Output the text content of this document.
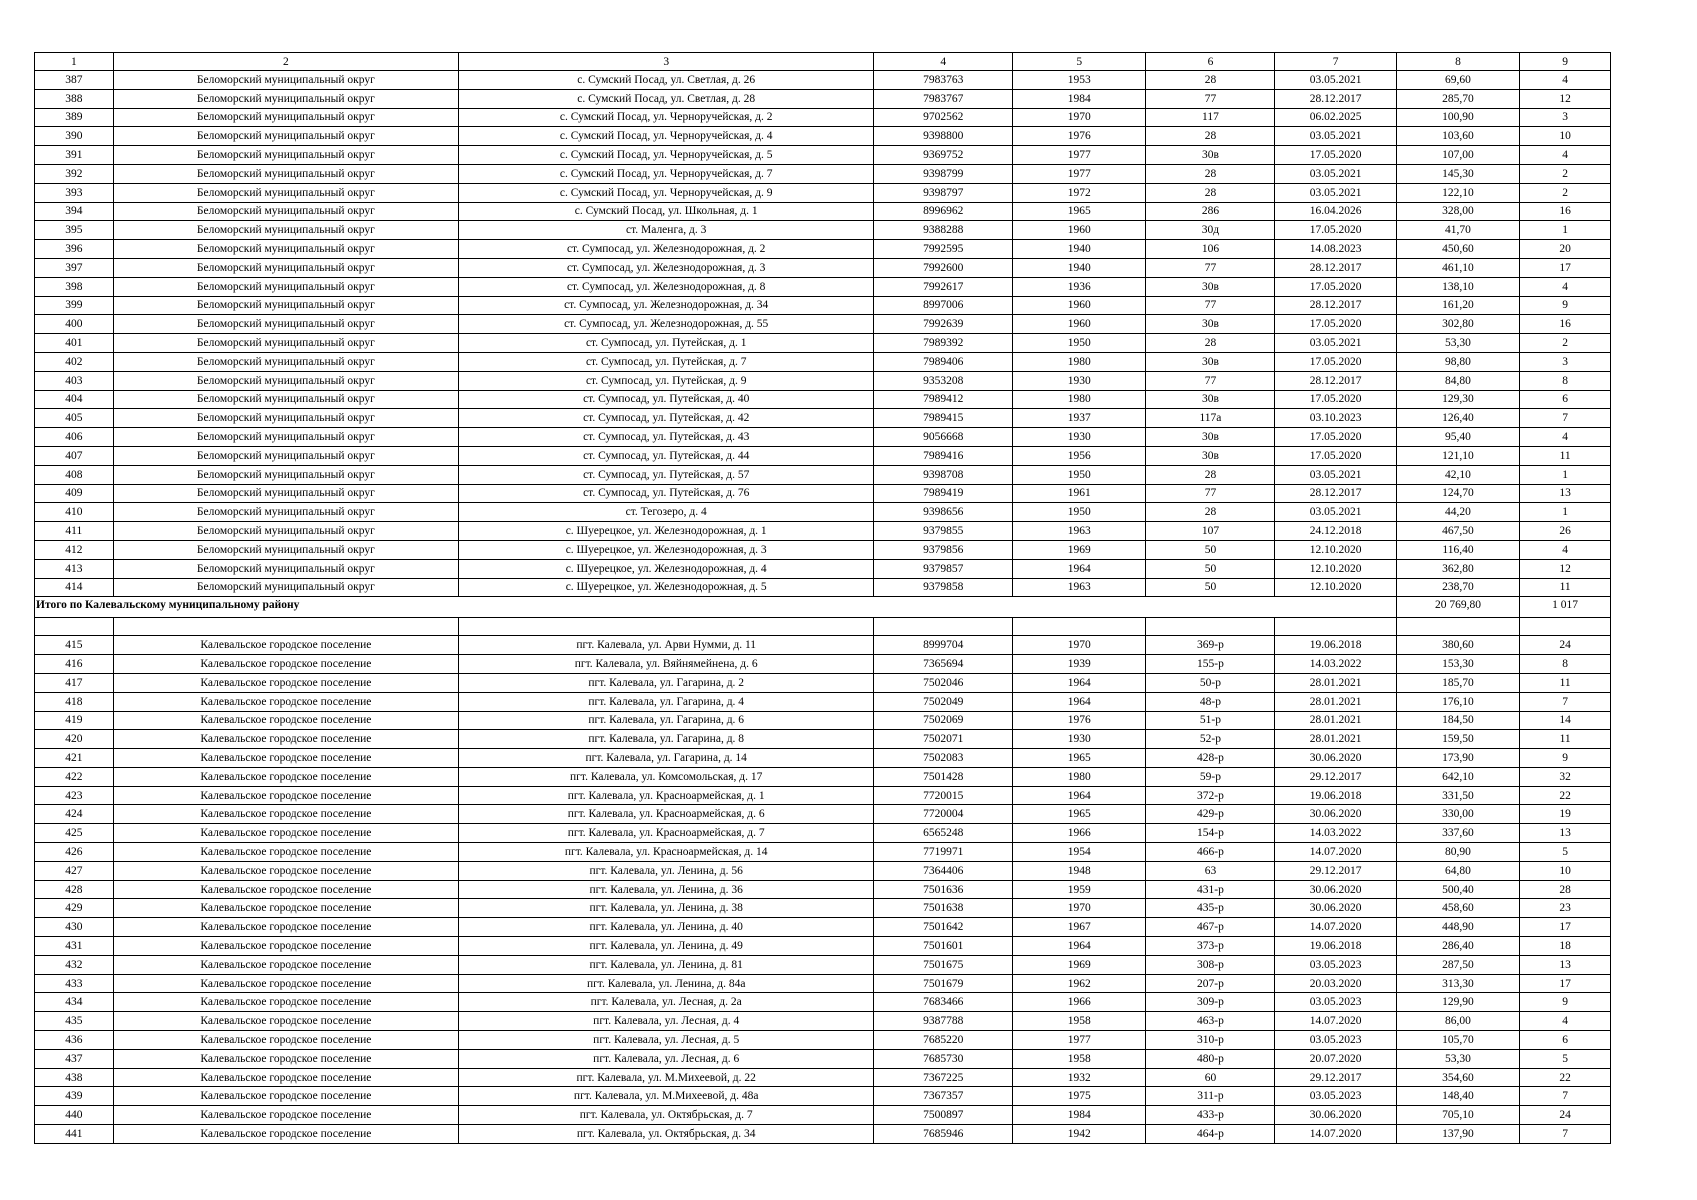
1	2	3	4	5	6	7	8	9
387	Беломорский муниципальный округ	с. Сумский Посад, ул. Светлая, д. 26	7983763	1953	28	03.05.2021	69,60	4
388	Беломорский муниципальный округ	с. Сумский Посад, ул. Светлая, д. 28	7983767	1984	77	28.12.2017	285,70	12
389	Беломорский муниципальный округ	с. Сумский Посад, ул. Черноручейская, д. 2	9702562	1970	117	06.02.2025	100,90	3
390	Беломорский муниципальный округ	с. Сумский Посад, ул. Черноручейская, д. 4	9398800	1976	28	03.05.2021	103,60	10
391	Беломорский муниципальный округ	с. Сумский Посад, ул. Черноручейская, д. 5	9369752	1977	30в	17.05.2020	107,00	4
392	Беломорский муниципальный округ	с. Сумский Посад, ул. Черноручейская, д. 7	9398799	1977	28	03.05.2021	145,30	2
393	Беломорский муниципальный округ	с. Сумский Посад, ул. Черноручейская, д. 9	9398797	1972	28	03.05.2021	122,10	2
394	Беломорский муниципальный округ	с. Сумский Посад, ул. Школьная, д. 1	8996962	1965	286	16.04.2026	328,00	16
395	Беломорский муниципальный округ	ст. Маленга, д. 3	9388288	1960	30д	17.05.2020	41,70	1
396	Беломорский муниципальный округ	ст. Сумпосад, ул. Железнодорожная, д. 2	7992595	1940	106	14.08.2023	450,60	20
397	Беломорский муниципальный округ	ст. Сумпосад, ул. Железнодорожная, д. 3	7992600	1940	77	28.12.2017	461,10	17
398	Беломорский муниципальный округ	ст. Сумпосад, ул. Железнодорожная, д. 8	7992617	1936	30в	17.05.2020	138,10	4
399	Беломорский муниципальный округ	ст. Сумпосад, ул. Железнодорожная, д. 34	8997006	1960	77	28.12.2017	161,20	9
400	Беломорский муниципальный округ	ст. Сумпосад, ул. Железнодорожная, д. 55	7992639	1960	30в	17.05.2020	302,80	16
401	Беломорский муниципальный округ	ст. Сумпосад, ул. Путейская, д. 1	7989392	1950	28	03.05.2021	53,30	2
402	Беломорский муниципальный округ	ст. Сумпосад, ул. Путейская, д. 7	7989406	1980	30в	17.05.2020	98,80	3
403	Беломорский муниципальный округ	ст. Сумпосад, ул. Путейская, д. 9	9353208	1930	77	28.12.2017	84,80	8
404	Беломорский муниципальный округ	ст. Сумпосад, ул. Путейская, д. 40	7989412	1980	30в	17.05.2020	129,30	6
405	Беломорский муниципальный округ	ст. Сумпосад, ул. Путейская, д. 42	7989415	1937	117а	03.10.2023	126,40	7
406	Беломорский муниципальный округ	ст. Сумпосад, ул. Путейская, д. 43	9056668	1930	30в	17.05.2020	95,40	4
407	Беломорский муниципальный округ	ст. Сумпосад, ул. Путейская, д. 44	7989416	1956	30в	17.05.2020	121,10	11
408	Беломорский муниципальный округ	ст. Сумпосад, ул. Путейская, д. 57	9398708	1950	28	03.05.2021	42,10	1
409	Беломорский муниципальный округ	ст. Сумпосад, ул. Путейская, д. 76	7989419	1961	77	28.12.2017	124,70	13
410	Беломорский муниципальный округ	ст. Тегозеро, д. 4	9398656	1950	28	03.05.2021	44,20	1
411	Беломорский муниципальный округ	с. Шуерецкое, ул. Железнодорожная, д. 1	9379855	1963	107	24.12.2018	467,50	26
412	Беломорский муниципальный округ	с. Шуерецкое, ул. Железнодорожная, д. 3	9379856	1969	50	12.10.2020	116,40	4
413	Беломорский муниципальный округ	с. Шуерецкое, ул. Железнодорожная, д. 4	9379857	1964	50	12.10.2020	362,80	12
414	Беломорский муниципальный округ	с. Шуерецкое, ул. Железнодорожная, д. 5	9379858	1963	50	12.10.2020	238,70	11
Итого по Калевальскому муниципальному району							20 769,80	1 017

415	Калевальское городское поселение	пгт. Калевала, ул. Арви Нумми, д. 11	8999704	1970	369-р	19.06.2018	380,60	24
416	Калевальское городское поселение	пгт. Калевала, ул. Вяйнямейнена, д. 6	7365694	1939	155-р	14.03.2022	153,30	8
417	Калевальское городское поселение	пгт. Калевала, ул. Гагарина, д. 2	7502046	1964	50-р	28.01.2021	185,70	11
418	Калевальское городское поселение	пгт. Калевала, ул. Гагарина, д. 4	7502049	1964	48-р	28.01.2021	176,10	7
419	Калевальское городское поселение	пгт. Калевала, ул. Гагарина, д. 6	7502069	1976	51-р	28.01.2021	184,50	14
420	Калевальское городское поселение	пгт. Калевала, ул. Гагарина, д. 8	7502071	1930	52-р	28.01.2021	159,50	11
421	Калевальское городское поселение	пгт. Калевала, ул. Гагарина, д. 14	7502083	1965	428-р	30.06.2020	173,90	9
422	Калевальское городское поселение	пгт. Калевала, ул. Комсомольская, д. 17	7501428	1980	59-р	29.12.2017	642,10	32
423	Калевальское городское поселение	пгт. Калевала, ул. Красноармейская, д. 1	7720015	1964	372-р	19.06.2018	331,50	22
424	Калевальское городское поселение	пгт. Калевала, ул. Красноармейская, д. 6	7720004	1965	429-р	30.06.2020	330,00	19
425	Калевальское городское поселение	пгт. Калевала, ул. Красноармейская, д. 7	6565248	1966	154-р	14.03.2022	337,60	13
426	Калевальское городское поселение	пгт. Калевала, ул. Красноармейская, д. 14	7719971	1954	466-р	14.07.2020	80,90	5
427	Калевальское городское поселение	пгт. Калевала, ул. Ленина, д. 56	7364406	1948	63	29.12.2017	64,80	10
428	Калевальское городское поселение	пгт. Калевала, ул. Ленина, д. 36	7501636	1959	431-р	30.06.2020	500,40	28
429	Калевальское городское поселение	пгт. Калевала, ул. Ленина, д. 38	7501638	1970	435-р	30.06.2020	458,60	23
430	Калевальское городское поселение	пгт. Калевала, ул. Ленина, д. 40	7501642	1967	467-р	14.07.2020	448,90	17
431	Калевальское городское поселение	пгт. Калевала, ул. Ленина, д. 49	7501601	1964	373-р	19.06.2018	286,40	18
432	Калевальское городское поселение	пгт. Калевала, ул. Ленина, д. 81	7501675	1969	308-р	03.05.2023	287,50	13
433	Калевальское городское поселение	пгт. Калевала, ул. Ленина, д. 84а	7501679	1962	207-р	20.03.2020	313,30	17
434	Калевальское городское поселение	пгт. Калевала, ул. Лесная, д. 2а	7683466	1966	309-р	03.05.2023	129,90	9
435	Калевальское городское поселение	пгт. Калевала, ул. Лесная, д. 4	9387788	1958	463-р	14.07.2020	86,00	4
436	Калевальское городское поселение	пгт. Калевала, ул. Лесная, д. 5	7685220	1977	310-р	03.05.2023	105,70	6
437	Калевальское городское поселение	пгт. Калевала, ул. Лесная, д. 6	7685730	1958	480-р	20.07.2020	53,30	5
438	Калевальское городское поселение	пгт. Калевала, ул. М.Михеевой, д. 22	7367225	1932	60	29.12.2017	354,60	22
439	Калевальское городское поселение	пгт. Калевала, ул. М.Михеевой, д. 48а	7367357	1975	311-р	03.05.2023	148,40	7
440	Калевальское городское поселение	пгт. Калевала, ул. Октябрьская, д. 7	7500897	1984	433-р	30.06.2020	705,10	24
441	Калевальское городское поселение	пгт. Калевала, ул. Октябрьская, д. 34	7685946	1942	464-р	14.07.2020	137,90	7
